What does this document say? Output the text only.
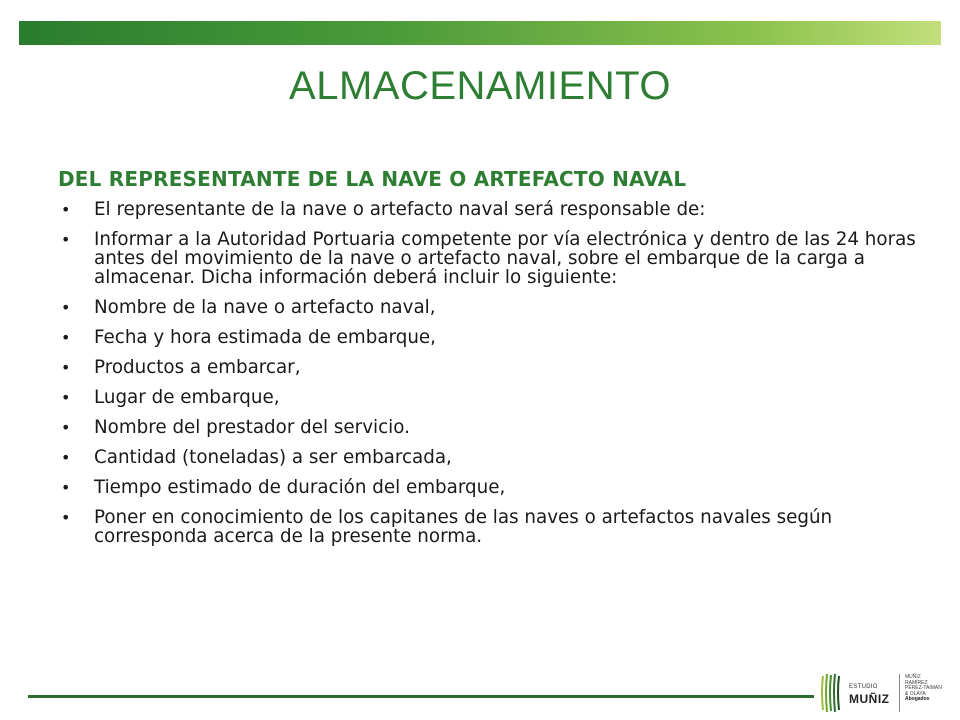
ALMACENAMIENTO
DEL REPRESENTANTE DE LA NAVE O ARTEFACTO NAVAL
• El representante de la nave o artefacto naval será responsable de:
• Informar a la Autoridad Portuaria competente por vía electrónica y dentro de las 24 horas antes del movimiento de la nave o artefacto naval, sobre el embarque de la carga a almacenar. Dicha información deberá incluir lo siguiente:
• Nombre de la nave o artefacto naval,
• Fecha y hora estimada de embarque,
• Productos a embarcar,
• Lugar de embarque,
• Nombre del prestador del servicio.
• Cantidad (toneladas) a ser embarcada,
• Tiempo estimado de duración del embarque,
• Poner en conocimiento de los capitanes de las naves o artefactos navales según corresponda acerca de la presente norma.
ESTUDIO
MUÑIZ
MUÑIZ
RAMÍREZ
PÉREZ-TAIMAN
& OLAYA
Abogados
